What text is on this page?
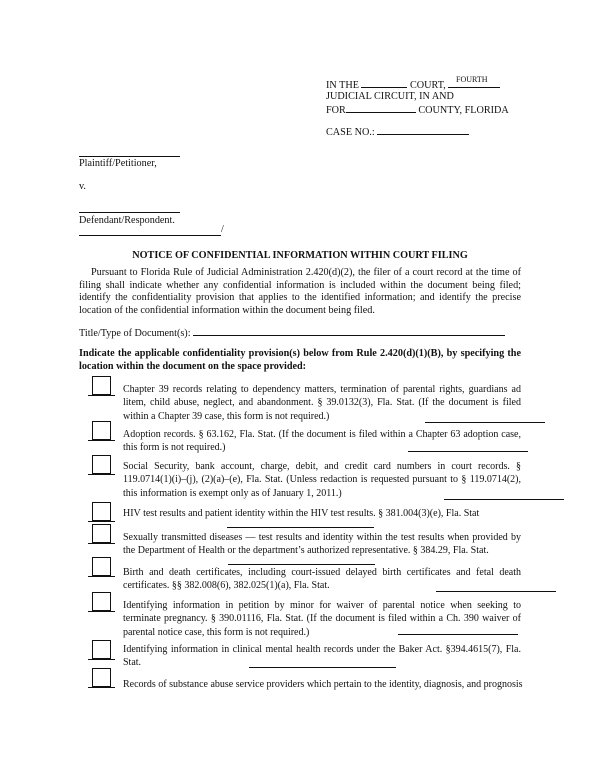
IN THE	COURT,
FOURTH
JUDICIAL CIRCUIT, IN AND
FOR	COUNTY, FLORIDA
CASE NO.:
Plaintiff/Petitioner,
v.
Defendant/Respondent.
/
NOTICE OF CONFIDENTIAL INFORMATION WITHIN COURT FILING
Pursuant to Florida Rule of Judicial Administration 2.420(d)(2), the filer of a court record at the time of filing shall indicate whether any confidential information is included within the document being filed; identify the confidentiality provision that applies to the identified information; and identify the precise location of the confidential information within the document being filed.
Title/Type of Document(s):
Indicate the applicable confidentiality provision(s) below from Rule 2.420(d)(1)(B), by specifying the location within the document on the space provided:
Chapter 39 records relating to dependency matters, termination of parental rights, guardians ad litem, child abuse, neglect, and abandonment. § 39.0132(3), Fla. Stat. (If the document is filed within a Chapter 39 case, this form is not required.)
Adoption records. § 63.162, Fla. Stat. (If the document is filed within a Chapter 63 adoption case, this form is not required.)
Social Security, bank account, charge, debit, and credit card numbers in court records. § 119.0714(1)(i)–(j), (2)(a)–(e), Fla. Stat. (Unless redaction is requested pursuant to § 119.0714(2), this information is exempt only as of January 1, 2011.)
HIV test results and patient identity within the HIV test results. § 381.004(3)(e), Fla. Stat
Sexually transmitted diseases — test results and identity within the test results when provided by the Department of Health or the department’s authorized representative. § 384.29, Fla. Stat.
Birth and death certificates, including court-issued delayed birth certificates and fetal death certificates. §§ 382.008(6), 382.025(1)(a), Fla. Stat.
Identifying information in petition by minor for waiver of parental notice when seeking to terminate pregnancy. § 390.01116, Fla. Stat. (If the document is filed within a Ch. 390 waiver of parental notice case, this form is not required.)
Identifying information in clinical mental health records under the Baker Act. §394.4615(7), Fla. Stat.
Records of substance abuse service providers which pertain to the identity, diagnosis, and prognosis
